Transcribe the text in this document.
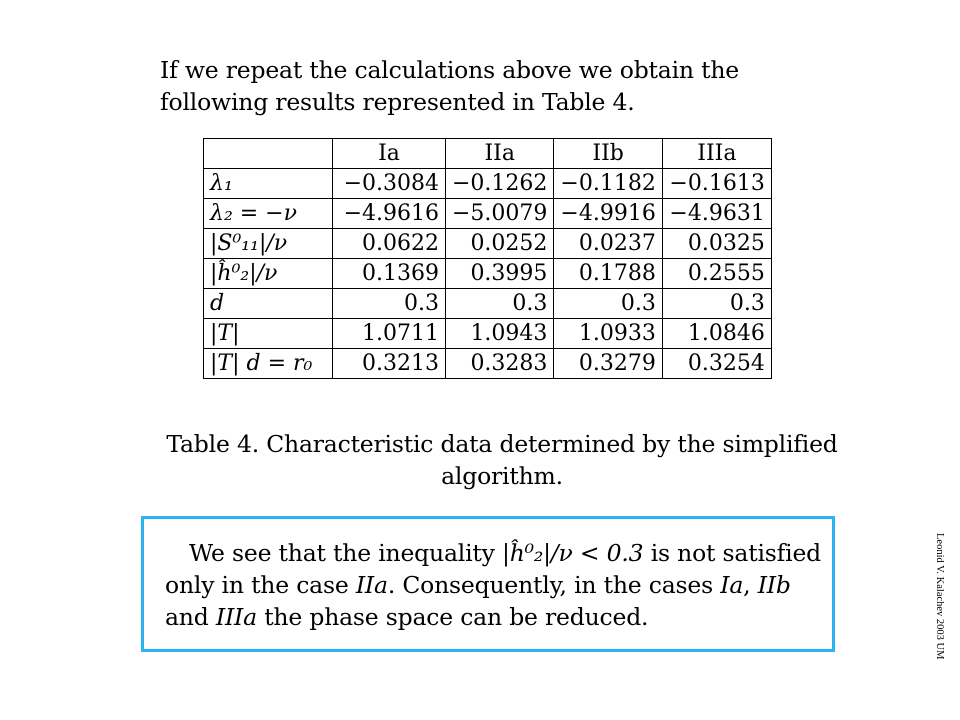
If we repeat the calculations above we obtain the following results represented in Table 4.

	Ia	IIa	IIb	IIIa
λ₁	−0.3084	−0.1262	−0.1182	−0.1613
λ₂ = −ν	−4.9616	−5.0079	−4.9916	−4.9631
|S⁰₁₁|/ν	0.0622	0.0252	0.0237	0.0325
|ĥ⁰₂|/ν	0.1369	0.3995	0.1788	0.2555
d	0.3	0.3	0.3	0.3
|T|	1.0711	1.0943	1.0933	1.0846
|T| d = r₀	0.3213	0.3283	0.3279	0.3254

Table 4. Characteristic data determined by the simplified algorithm.

We see that the inequality |ĥ⁰₂|/ν < 0.3 is not satisfied only in the case IIa. Consequently, in the cases Ia, IIb and IIIa the phase space can be reduced.	Leonid V. Kalachev 2003 UM
